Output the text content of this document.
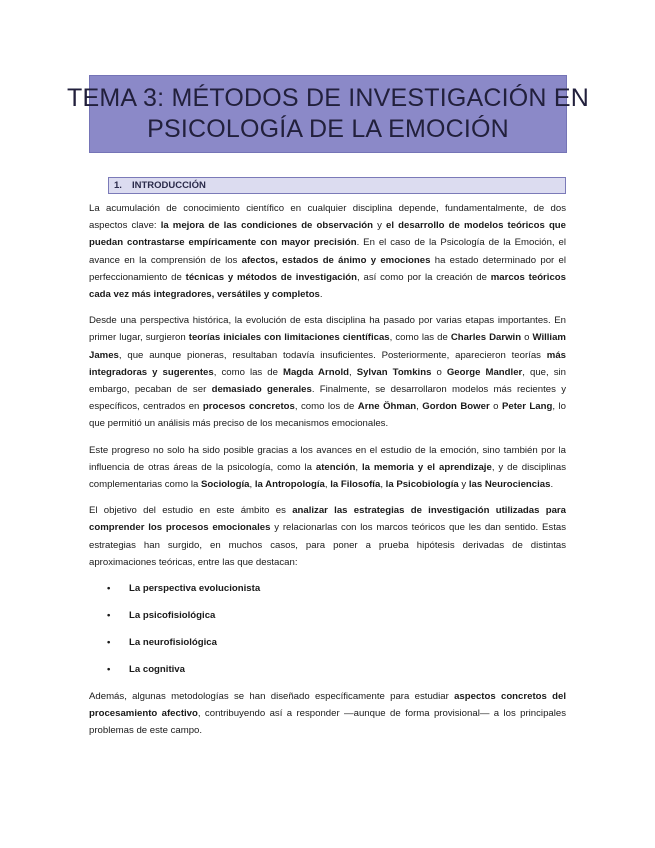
TEMA 3: MÉTODOS DE INVESTIGACIÓN EN
PSICOLOGÍA DE LA EMOCIÓN
1. INTRODUCCIÓN

La acumulación de conocimiento científico en cualquier disciplina depende, fundamentalmente, de dos aspectos clave: la mejora de las condiciones de observación y el desarrollo de modelos teóricos que puedan contrastarse empíricamente con mayor precisión. En el caso de la Psicología de la Emoción, el avance en la comprensión de los afectos, estados de ánimo y emociones ha estado determinado por el perfeccionamiento de técnicas y métodos de investigación, así como por la creación de marcos teóricos cada vez más integradores, versátiles y completos.

Desde una perspectiva histórica, la evolución de esta disciplina ha pasado por varias etapas importantes. En primer lugar, surgieron teorías iniciales con limitaciones científicas, como las de Charles Darwin o William James, que aunque pioneras, resultaban todavía insuficientes. Posteriormente, aparecieron teorías más integradoras y sugerentes, como las de Magda Arnold, Sylvan Tomkins o George Mandler, que, sin embargo, pecaban de ser demasiado generales. Finalmente, se desarrollaron modelos más recientes y específicos, centrados en procesos concretos, como los de Arne Öhman, Gordon Bower o Peter Lang, lo que permitió un análisis más preciso de los mecanismos emocionales.

Este progreso no solo ha sido posible gracias a los avances en el estudio de la emoción, sino también por la influencia de otras áreas de la psicología, como la atención, la memoria y el aprendizaje, y de disciplinas complementarias como la Sociología, la Antropología, la Filosofía, la Psicobiología y las Neurociencias.

El objetivo del estudio en este ámbito es analizar las estrategias de investigación utilizadas para comprender los procesos emocionales y relacionarlas con los marcos teóricos que les dan sentido. Estas estrategias han surgido, en muchos casos, para poner a prueba hipótesis derivadas de distintas aproximaciones teóricas, entre las que destacan:

• La perspectiva evolucionista
• La psicofisiológica
• La neurofisiológica
• La cognitiva

Además, algunas metodologías se han diseñado específicamente para estudiar aspectos concretos del procesamiento afectivo, contribuyendo así a responder —aunque de forma provisional— a los principales problemas de este campo.
